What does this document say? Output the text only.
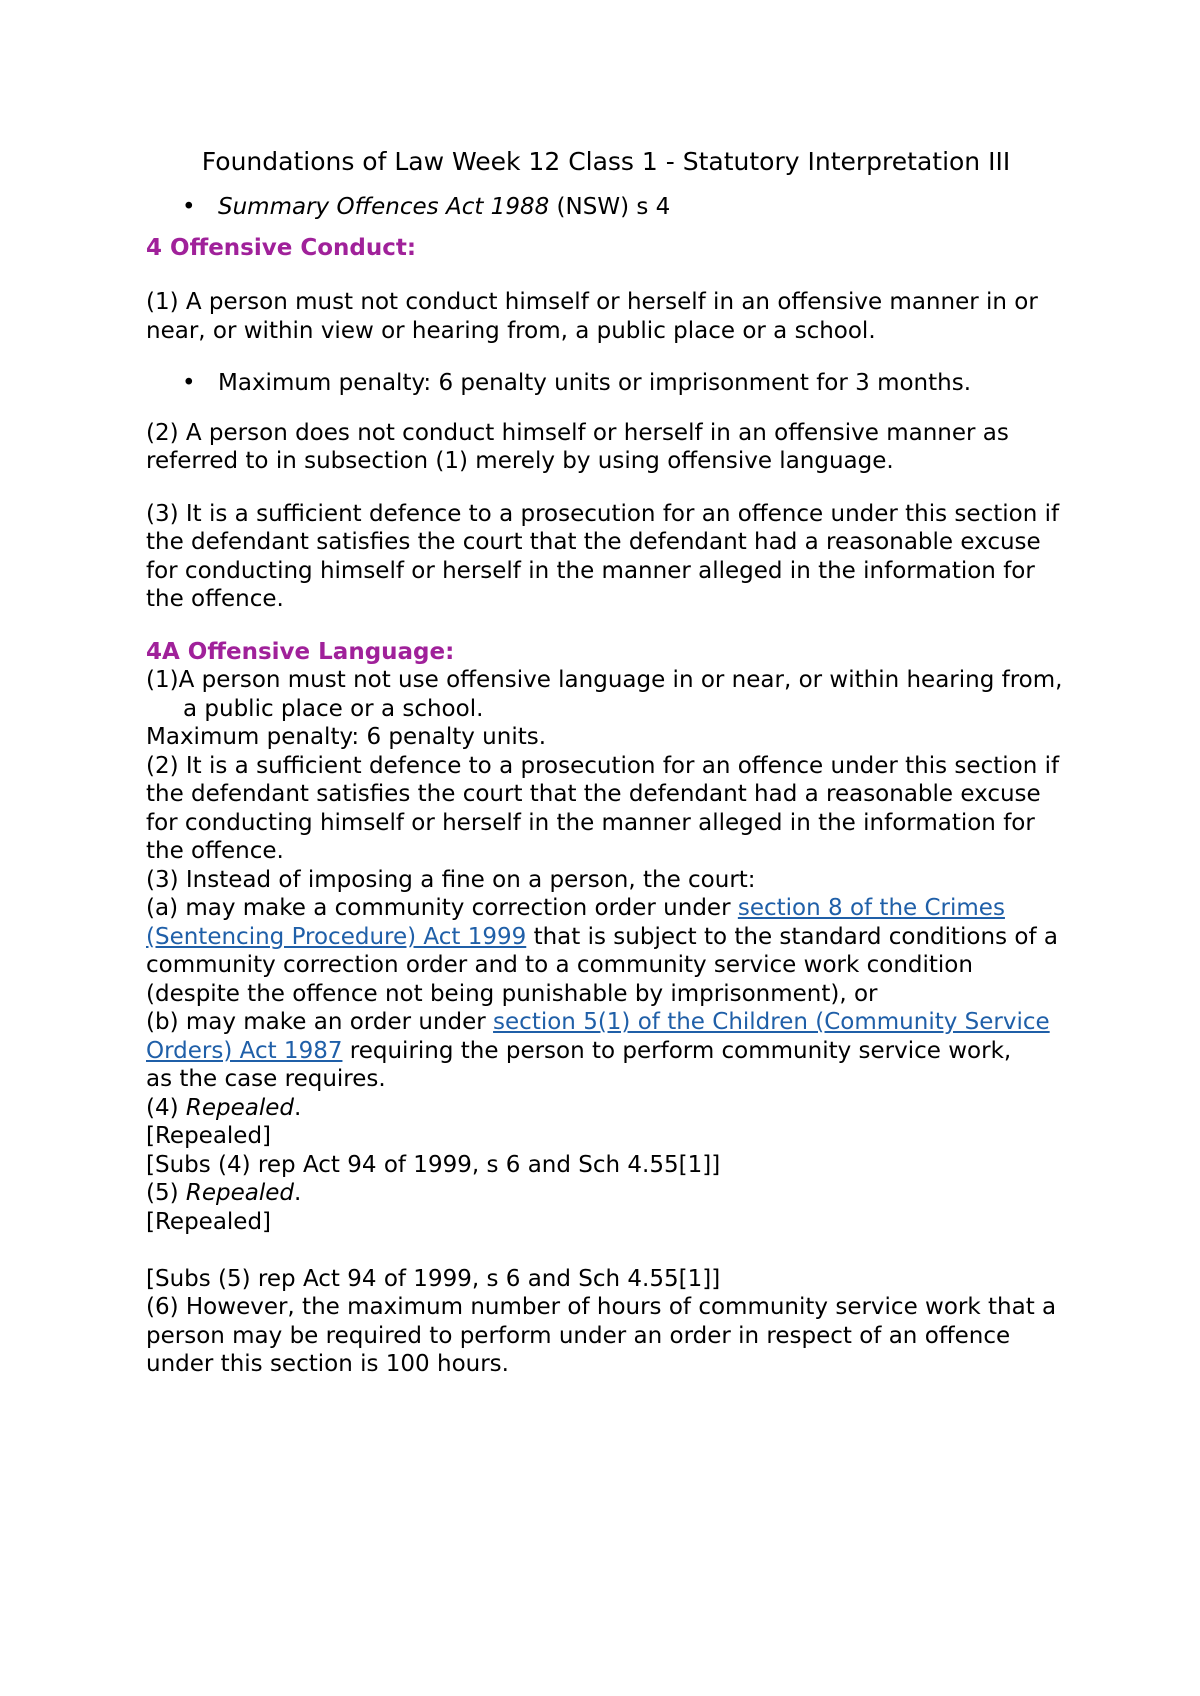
Foundations of Law Week 12 Class 1 - Statutory Interpretation III
• Summary Offences Act 1988 (NSW) s 4

4 Offensive Conduct:

(1) A person must not conduct himself or herself in an offensive manner in or near, or within view or hearing from, a public place or a school.

• Maximum penalty: 6 penalty units or imprisonment for 3 months.

(2) A person does not conduct himself or herself in an offensive manner as referred to in subsection (1) merely by using offensive language.

(3) It is a sufficient defence to a prosecution for an offence under this section if the defendant satisfies the court that the defendant had a reasonable excuse for conducting himself or herself in the manner alleged in the information for the offence.

4A Offensive Language:

(1)A person must not use offensive language in or near, or within hearing from, a public place or a school.

Maximum penalty: 6 penalty units.

(2) It is a sufficient defence to a prosecution for an offence under this section if the defendant satisfies the court that the defendant had a reasonable excuse for conducting himself or herself in the manner alleged in the information for the offence.

(3) Instead of imposing a fine on a person, the court:

(a) may make a community correction order under section 8 of the Crimes (Sentencing Procedure) Act 1999 that is subject to the standard conditions of a community correction order and to a community service work condition (despite the offence not being punishable by imprisonment), or

(b) may make an order under section 5(1) of the Children (Community Service Orders) Act 1987 requiring the person to perform community service work,

as the case requires.

(4) Repealed.

[Repealed]

[Subs (4) rep Act 94 of 1999, s 6 and Sch 4.55[1]]

(5) Repealed.

[Repealed]

[Subs (5) rep Act 94 of 1999, s 6 and Sch 4.55[1]]

(6) However, the maximum number of hours of community service work that a person may be required to perform under an order in respect of an offence under this section is 100 hours.
